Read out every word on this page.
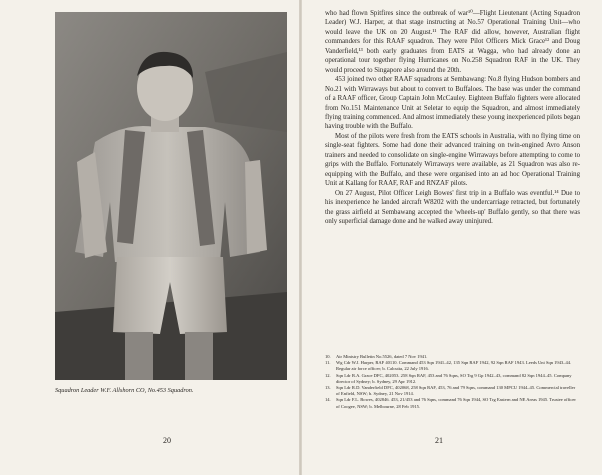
Squadron Leader W.F. Allshorn CO, No.453 Squadron.
20

who had flown Spitfires since the outbreak of war¹⁰—Flight Lieutenant (Acting Squadron Leader) W.J. Harper, at that stage instructing at No.57 Operational Training Unit—who would leave the UK on 20 August.¹¹ The RAF did allow, however, Australian flight commanders for this RAAF squadron. They were Pilot Officers Mick Grace¹² and Doug Vanderfield,¹³ both early graduates from EATS at Wagga, who had already done an operational tour together flying Hurricanes on No.258 Squadron RAF in the UK. They would proceed to Singapore also around the 20th.

453 joined two other RAAF squadrons at Sembawang: No.8 flying Hudson bombers and No.21 with Wirraways but about to convert to Buffaloes. The base was under the command of a RAAF officer, Group Captain John McCauley. Eighteen Buffalo fighters were allocated from No.151 Maintenance Unit at Seletar to equip the Squadron, and almost immediately flying training commenced. And almost immediately these young inexperienced pilots began having trouble with the Buffalo.

Most of the pilots were fresh from the EATS schools in Australia, with no flying time on single-seat fighters. Some had done their advanced training on twin-engined Avro Anson trainers and needed to consolidate on single-engine Wirraways before attempting to come to grips with the Buffalo. Fortunately Wirraways were available, as 21 Squadron was also re-equipping with the Buffalo, and these were organised into an ad hoc Operational Training Unit at Kallang for RAAF, RAF and RNZAF pilots.

On 27 August, Pilot Officer Leigh Bowes' first trip in a Buffalo was eventful.¹⁴ Due to his inexperience he landed aircraft W8202 with the undercarriage retracted, but fortunately the grass airfield at Sembawang accepted the 'wheels-up' Buffalo gently, so that there was only superficial damage done and he walked away uninjured.

10.	Air Ministry Bulletin No.5526, dated 7 Nov 1941.
11.	Wg Cdr W.J. Harper, RAF 40110. Command 453 Sqn 1941–42, 135 Sqn RAF 1942, 92 Sqn RAF 1943. Leeds Uni Sqn 1943–44. Regular air force officer; b. Calcutta, 22 July 1916.
12.	Sqn Ldr B.A. Grace DFC, 402053. 258 Sqn RAF, 453 and 76 Sqns, SO Trg 9 Gp 1942–43, command 82 Sqn 1944–45. Company director of Sydney; b. Sydney, 29 Apr 1912.
13.	Sqn Ldr R.D. Vanderfield DFC, 402068, 258 Sqn RAF, 453, 76 and 79 Sqns, command 130 MPCU 1944–45. Commercial traveller of Enfield, NSW; b. Sydney, 21 Nov 1914.
14.	Sqn Ldr F.L. Bowes, 402846. 453, 21/453 and 76 Sqns, command 76 Sqn 1944, SO Trg Eastern and NE Areas 1945. Trustee officer of Coogee, NSW; b. Melbourne, 28 Feb 1915.
21
